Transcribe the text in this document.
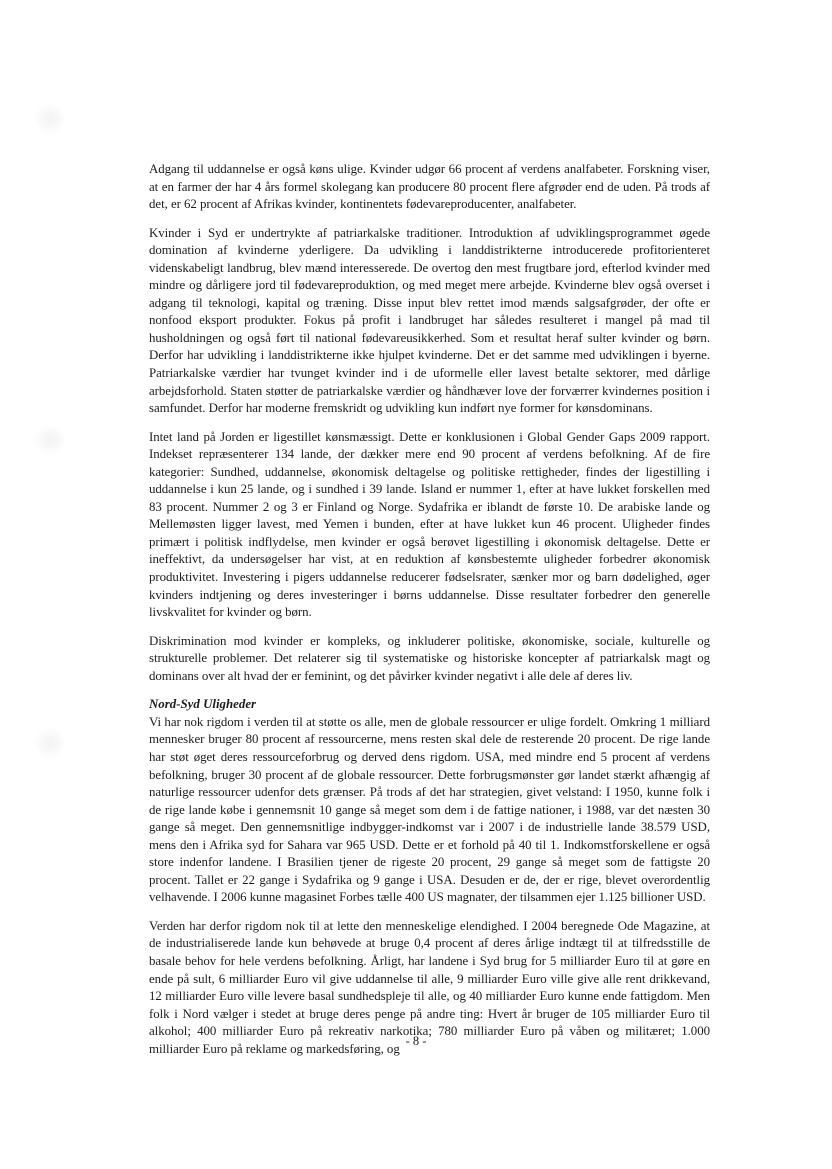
Adgang til uddannelse er også køns ulige. Kvinder udgør 66 procent af verdens analfabeter. Forskning viser, at en farmer der har 4 års formel skolegang kan producere 80 procent flere afgrøder end de uden. På trods af det, er 62 procent af Afrikas kvinder, kontinentets fødevareproducenter, analfabeter.

Kvinder i Syd er undertrykte af patriarkalske traditioner. Introduktion af udviklingsprogrammet øgede domination af kvinderne yderligere. Da udvikling i landdistrikterne introducerede profitorienteret videnskabeligt landbrug, blev mænd interesserede. De overtog den mest frugtbare jord, efterlod kvinder med mindre og dårligere jord til fødevareproduktion, og med meget mere arbejde. Kvinderne blev også overset i adgang til teknologi, kapital og træning. Disse input blev rettet imod mænds salgsafgrøder, der ofte er nonfood eksport produkter. Fokus på profit i landbruget har således resulteret i mangel på mad til husholdningen og også ført til national fødevareusikkerhed. Som et resultat heraf sulter kvinder og børn. Derfor har udvikling i landdistrikterne ikke hjulpet kvinderne. Det er det samme med udviklingen i byerne. Patriarkalske værdier har tvunget kvinder ind i de uformelle eller lavest betalte sektorer, med dårlige arbejdsforhold. Staten støtter de patriarkalske værdier og håndhæver love der forværrer kvindernes position i samfundet. Derfor har moderne fremskridt og udvikling kun indført nye former for kønsdominans.

Intet land på Jorden er ligestillet kønsmæssigt. Dette er konklusionen i Global Gender Gaps 2009 rapport. Indekset repræsenterer 134 lande, der dækker mere end 90 procent af verdens befolkning. Af de fire kategorier: Sundhed, uddannelse, økonomisk deltagelse og politiske rettigheder, findes der ligestilling i uddannelse i kun 25 lande, og i sundhed i 39 lande. Island er nummer 1, efter at have lukket forskellen med 83 procent. Nummer 2 og 3 er Finland og Norge. Sydafrika er iblandt de første 10. De arabiske lande og Mellemøsten ligger lavest, med Yemen i bunden, efter at have lukket kun 46 procent. Uligheder findes primært i politisk indflydelse, men kvinder er også berøvet ligestilling i økonomisk deltagelse. Dette er ineffektivt, da undersøgelser har vist, at en reduktion af kønsbestemte uligheder forbedrer økonomisk produktivitet. Investering i pigers uddannelse reducerer fødselsrater, sænker mor og barn dødelighed, øger kvinders indtjening og deres investeringer i børns uddannelse. Disse resultater forbedrer den generelle livskvalitet for kvinder og børn.

Diskrimination mod kvinder er kompleks, og inkluderer politiske, økonomiske, sociale, kulturelle og strukturelle problemer. Det relaterer sig til systematiske og historiske koncepter af patriarkalsk magt og dominans over alt hvad der er feminint, og det påvirker kvinder negativt i alle dele af deres liv.

Nord-Syd Uligheder

Vi har nok rigdom i verden til at støtte os alle, men de globale ressourcer er ulige fordelt. Omkring 1 milliard mennesker bruger 80 procent af ressourcerne, mens resten skal dele de resterende 20 procent. De rige lande har støt øget deres ressourceforbrug og derved dens rigdom. USA, med mindre end 5 procent af verdens befolkning, bruger 30 procent af de globale ressourcer. Dette forbrugsmønster gør landet stærkt afhængig af naturlige ressourcer udenfor dets grænser. På trods af det har strategien, givet velstand: I 1950, kunne folk i de rige lande købe i gennemsnit 10 gange så meget som dem i de fattige nationer, i 1988, var det næsten 30 gange så meget. Den gennemsnitlige indbygger-indkomst var i 2007 i de industrielle lande 38.579 USD, mens den i Afrika syd for Sahara var 965 USD. Dette er et forhold på 40 til 1. Indkomstforskellene er også store indenfor landene. I Brasilien tjener de rigeste 20 procent, 29 gange så meget som de fattigste 20 procent. Tallet er 22 gange i Sydafrika og 9 gange i USA. Desuden er de, der er rige, blevet overordentlig velhavende. I 2006 kunne magasinet Forbes tælle 400 US magnater, der tilsammen ejer 1.125 billioner USD.

Verden har derfor rigdom nok til at lette den menneskelige elendighed. I 2004 beregnede Ode Magazine, at de industrialiserede lande kun behøvede at bruge 0,4 procent af deres årlige indtægt til at tilfredsstille de basale behov for hele verdens befolkning. Årligt, har landene i Syd brug for 5 milliarder Euro til at gøre en ende på sult, 6 milliarder Euro vil give uddannelse til alle, 9 milliarder Euro ville give alle rent drikkevand, 12 milliarder Euro ville levere basal sundhedspleje til alle, og 40 milliarder Euro kunne ende fattigdom. Men folk i Nord vælger i stedet at bruge deres penge på andre ting: Hvert år bruger de 105 milliarder Euro til alkohol; 400 milliarder Euro på rekreativ narkotika; 780 milliarder Euro på våben og militæret; 1.000 milliarder Euro på reklame og markedsføring, og

- 8 -
